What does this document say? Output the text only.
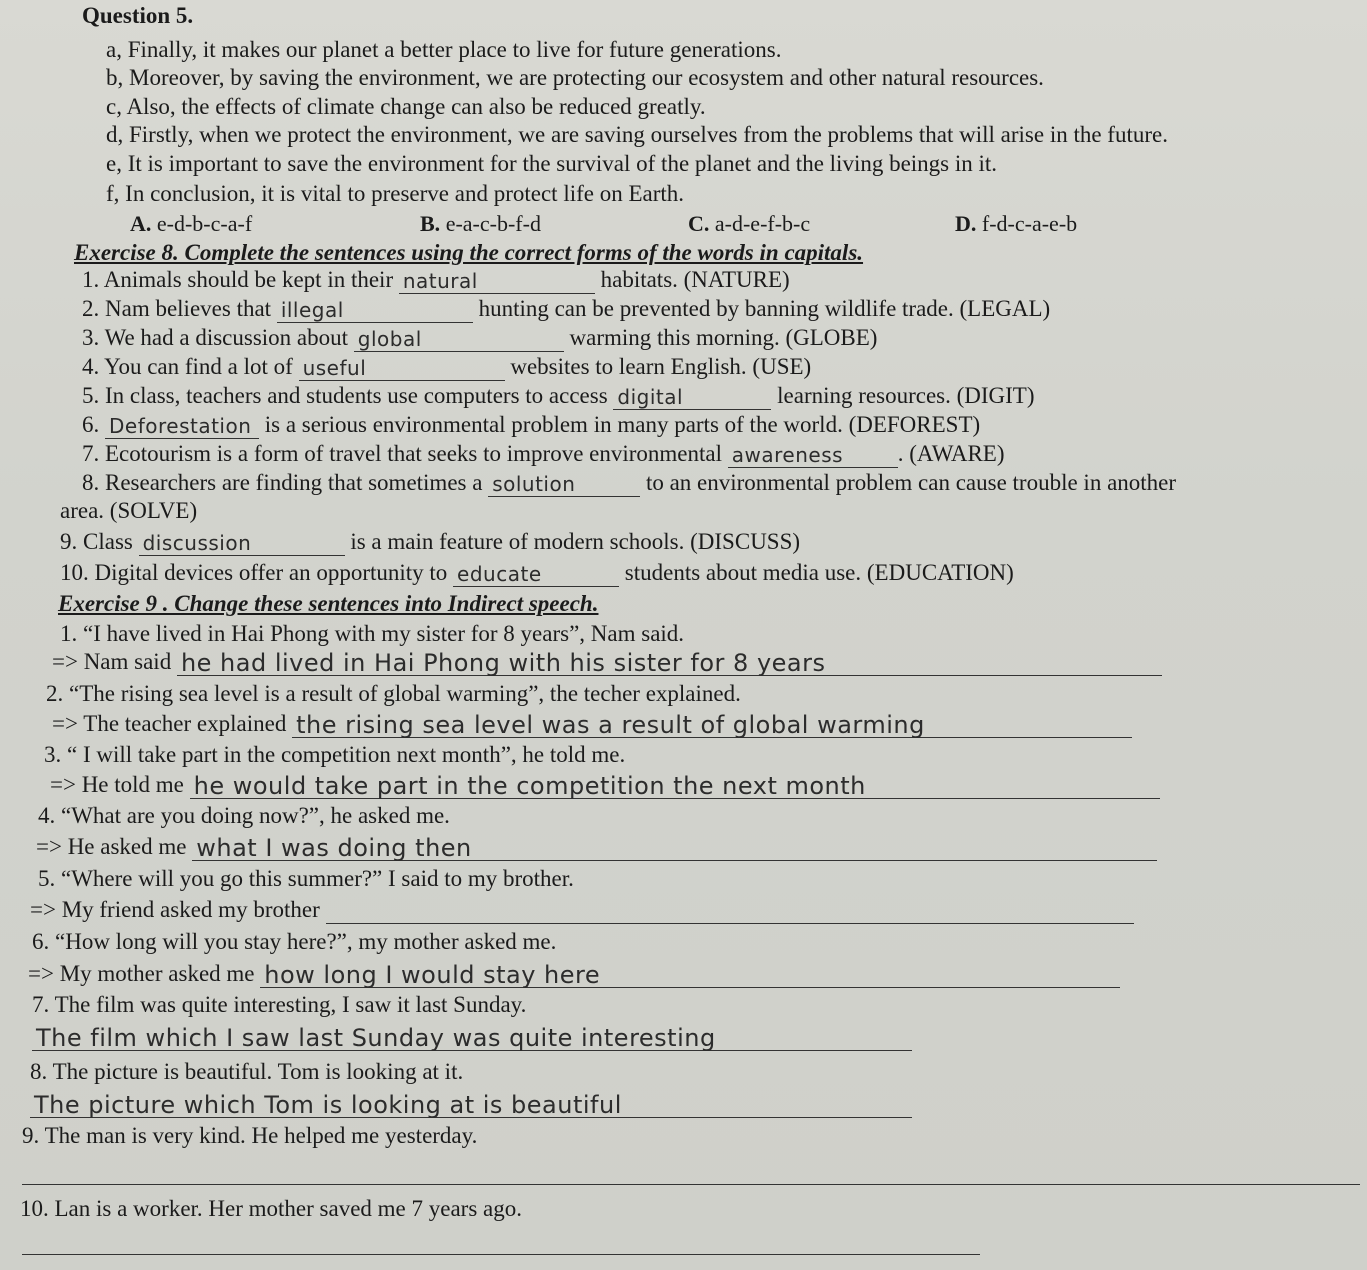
Question 5.
a, Finally, it makes our planet a better place to live for future generations.
b, Moreover, by saving the environment, we are protecting our ecosystem and other natural resources.
c, Also, the effects of climate change can also be reduced greatly.
d, Firstly, when we protect the environment, we are saving ourselves from the problems that will arise in the future.
e, It is important to save the environment for the survival of the planet and the living beings in it.
f, In conclusion, it is vital to preserve and protect life on Earth.
A. e-d-b-c-a-f	B. e-a-c-b-f-d	C. a-d-e-f-b-c	D. f-d-c-a-e-b
Exercise 8. Complete the sentences using the correct forms of the words in capitals.
1. Animals should be kept in their natural	habitats. (NATURE)
2. Nam believes that illegal	hunting can be prevented by banning wildlife trade. (LEGAL)
3. We had a discussion about global	warming this morning. (GLOBE)
4. You can find a lot of useful	websites to learn English. (USE)
5. In class, teachers and students use computers to access digital	learning resources. (DIGIT)
6. Deforestation is a serious environmental problem in many parts of the world. (DEFOREST)
7. Ecotourism is a form of travel that seeks to improve environmental awareness . (AWARE)
8. Researchers are finding that sometimes a solution	to an environmental problem can cause trouble in another
area. (SOLVE)
9. Class discussion	is a main feature of modern schools. (DISCUSS)
10. Digital devices offer an opportunity to educate	students about media use. (EDUCATION)
Exercise 9 . Change these sentences into Indirect speech.
1. “I have lived in Hai Phong with my sister for 8 years”, Nam said.
=> Nam said he had lived in Hai Phong with his sister for 8 years
2. “The rising sea level is a result of global warming”, the techer explained.
=> The teacher explained the rising sea level was a result of global warming
3. “ I will take part in the competition next month”, he told me.
=> He told me he would take part in the competition the next month
4. “What are you doing now?”, he asked me.
=> He asked me what I was doing then
5. “Where will you go this summer?” I said to my brother.
=> My friend asked my brother
6. “How long will you stay here?”, my mother asked me.
=> My mother asked me how long I would stay here
7. The film was quite interesting, I saw it last Sunday.
The film which I saw last Sunday was quite interesting
8. The picture is beautiful. Tom is looking at it.
The picture which Tom is looking at is beautiful
9. The man is very kind. He helped me yesterday.
10. Lan is a worker. Her mother saved me 7 years ago.
